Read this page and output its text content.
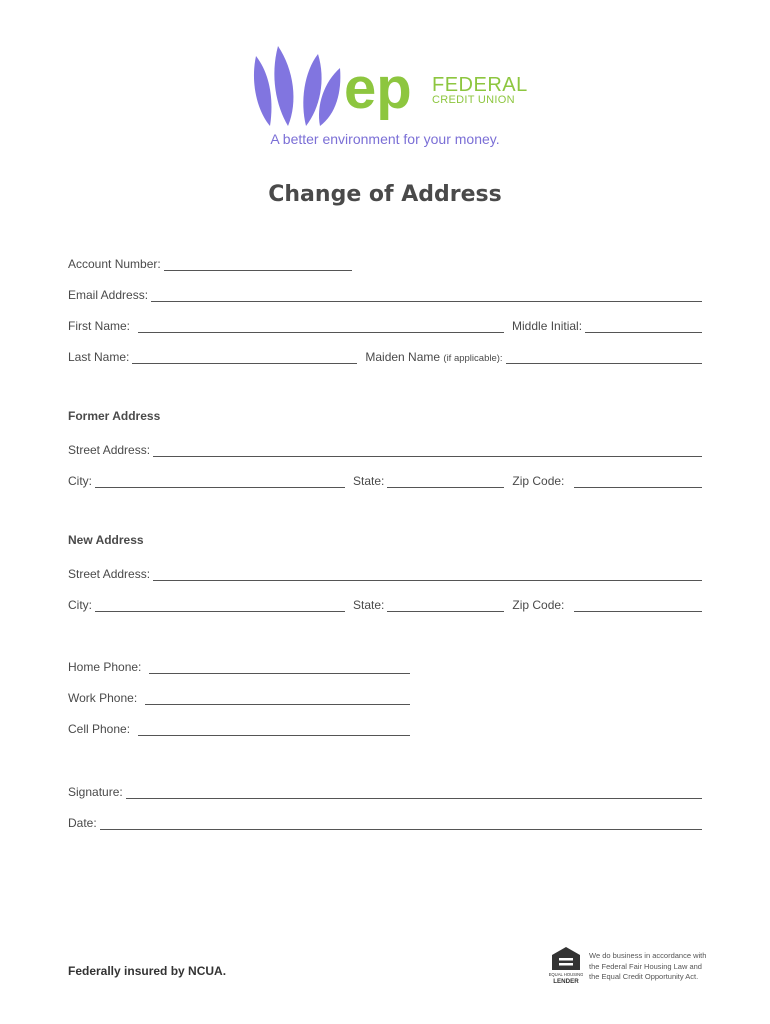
ep FEDERAL
CREDIT UNION
A better environment for your money.
Change of Address
Account Number:
Email Address:
First Name:	Middle Initial:
Last Name:	Maiden Name (if applicable):
Former Address
Street Address:
City:	State:	Zip Code:
New Address
Street Address:
City:	State:	Zip Code:
Home Phone:
Work Phone:
Cell Phone:
Signature:
Date:
Federally insured by NCUA.	EQUAL HOUSING
LENDER
We do business in accordance with
the Federal Fair Housing Law and
the Equal Credit Opportunity Act.
